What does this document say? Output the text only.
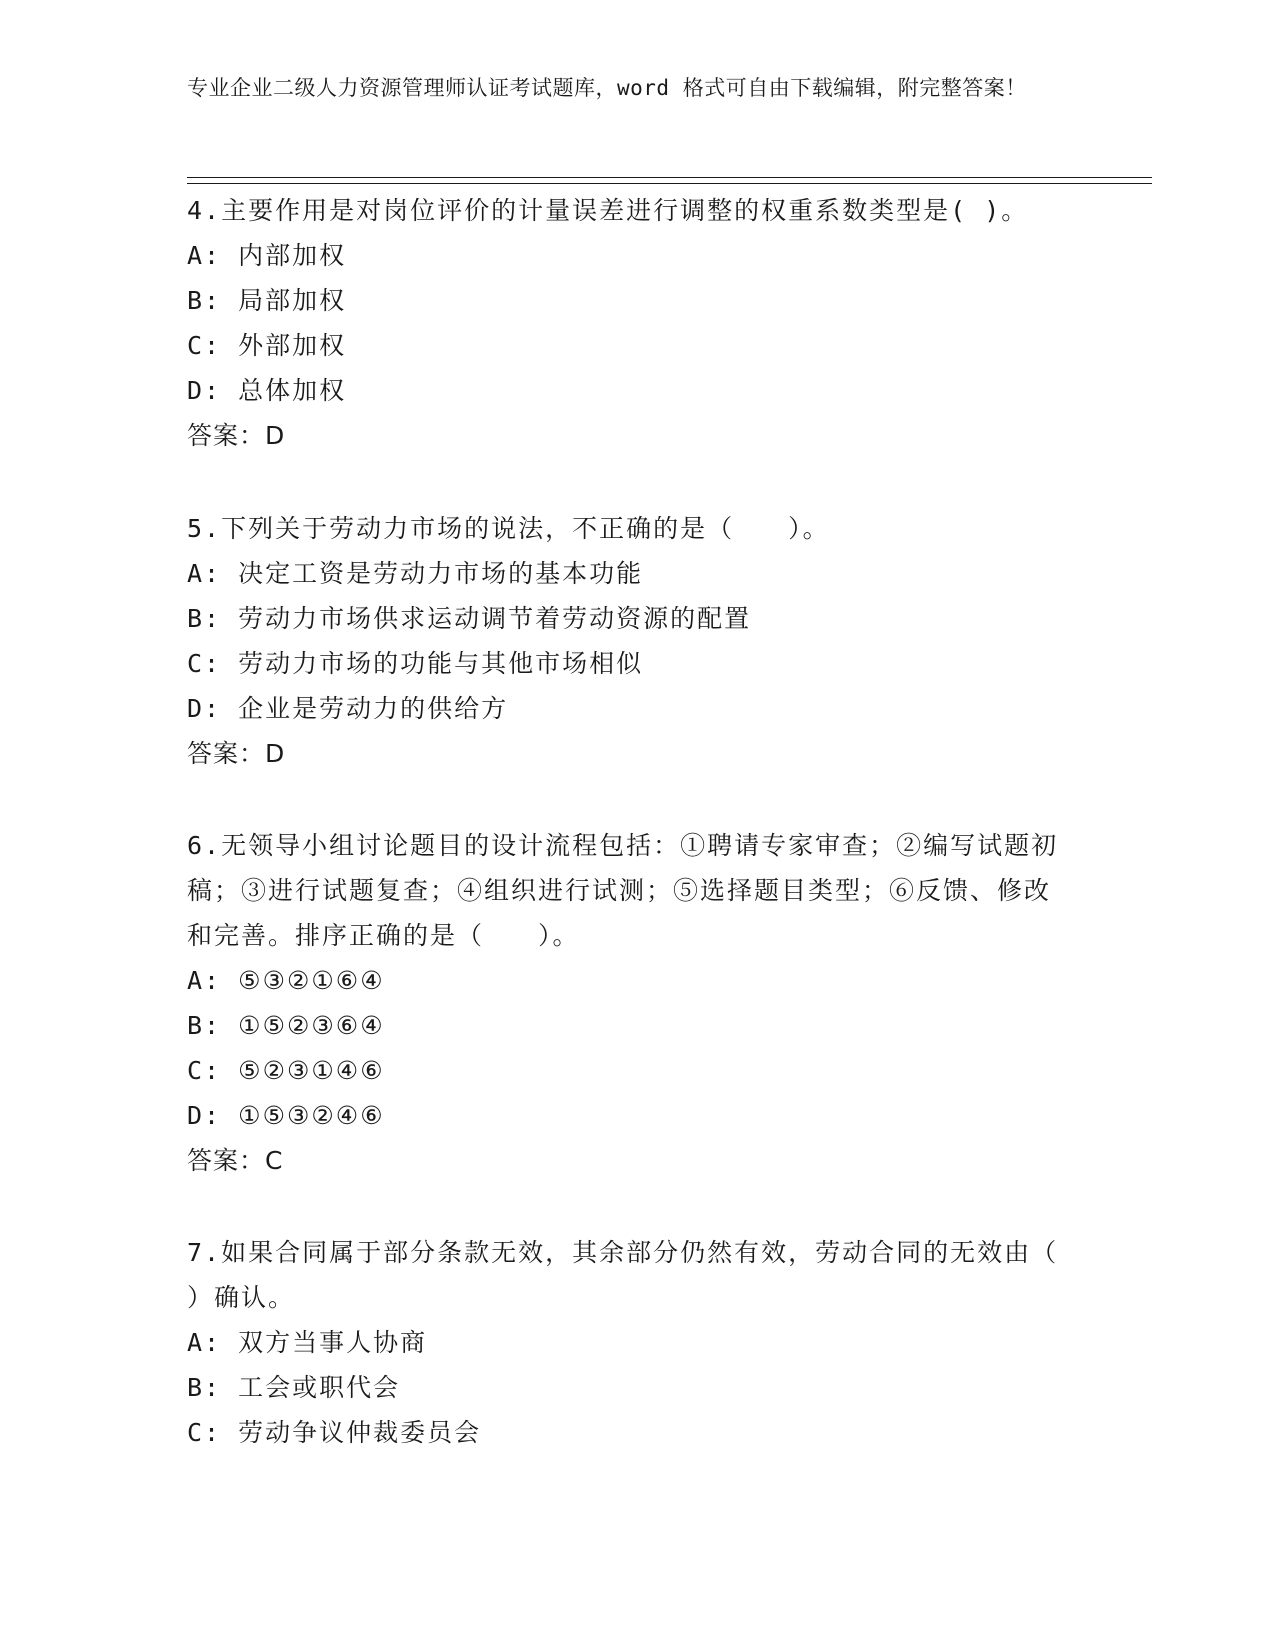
专业企业二级人力资源管理师认证考试题库，word 格式可自由下载编辑，附完整答案！

4.主要作用是对岗位评价的计量误差进行调整的权重系数类型是( )。

A: 内部加权

B: 局部加权

C: 外部加权

D: 总体加权

答案：D

5.下列关于劳动力市场的说法，不正确的是（　　）。

A: 决定工资是劳动力市场的基本功能

B: 劳动力市场供求运动调节着劳动资源的配置

C: 劳动力市场的功能与其他市场相似

D: 企业是劳动力的供给方

答案：D

6.无领导小组讨论题目的设计流程包括：①聘请专家审查；②编写试题初稿；③进行试题复查；④组织进行试测；⑤选择题目类型；⑥反馈、修改和完善。排序正确的是（　　）。

A: ⑤③②①⑥④

B: ①⑤②③⑥④

C: ⑤②③①④⑥

D: ①⑤③②④⑥

答案：C

7.如果合同属于部分条款无效，其余部分仍然有效，劳动合同的无效由（ ）确认。

A: 双方当事人协商

B: 工会或职代会

C: 劳动争议仲裁委员会
